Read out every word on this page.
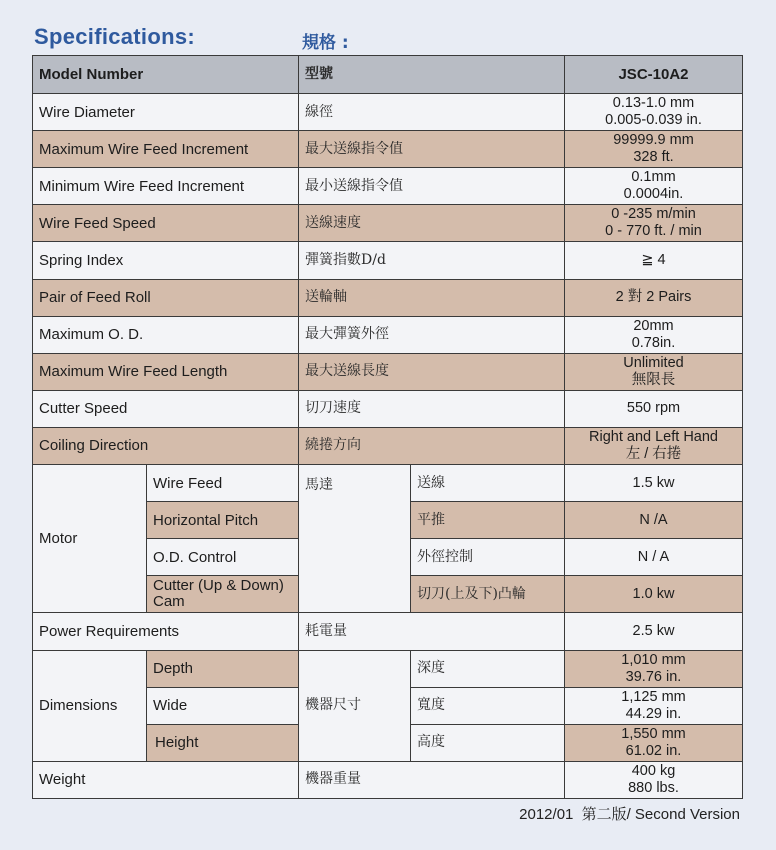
Specifications:	規格 :
Model Number		型號		JSC-10A2
Wire Diameter		線徑		0.13-1.0 mm
0.005-0.039 in.

Maximum Wire Feed Increment		最大送線指令值		99999.9 mm
328 ft.

Minimum Wire Feed Increment		最小送線指令值		0.1mm
0.0004in.

Wire Feed Speed		送線速度		0 -235 m/min
0 - 770 ft. / min

Spring Index		彈簧指數D/d		≧ 4
Pair of Feed Roll		送輪軸		2 對 2 Pairs
Maximum O. D.		最大彈簧外徑		20mm
0.78in.

Maximum Wire Feed Length		最大送線長度		Unlimited
無限長

Cutter Speed		切刀速度		550 rpm
Coiling Direction		繞捲方向		Right and Left Hand
左 / 右捲

Motor	Wire Feed	馬達	送線	1.5 kw
	Horizontal Pitch		平推	N /A
	O.D. Control		外徑控制	N / A
	Cutter (Up & Down) Cam		切刀(上及下)凸輪	1.0 kw
Power Requirements		耗電量		2.5 kw
Dimensions	Depth	機器尺寸	深度	1,010 mm
39.76 in.

	Wide		寬度	1,125 mm
44.29 in.

	Height		高度	1,550 mm
61.02 in.

Weight		機器重量		400 kg
880 lbs.
2012/01 第二版/ Second Version
